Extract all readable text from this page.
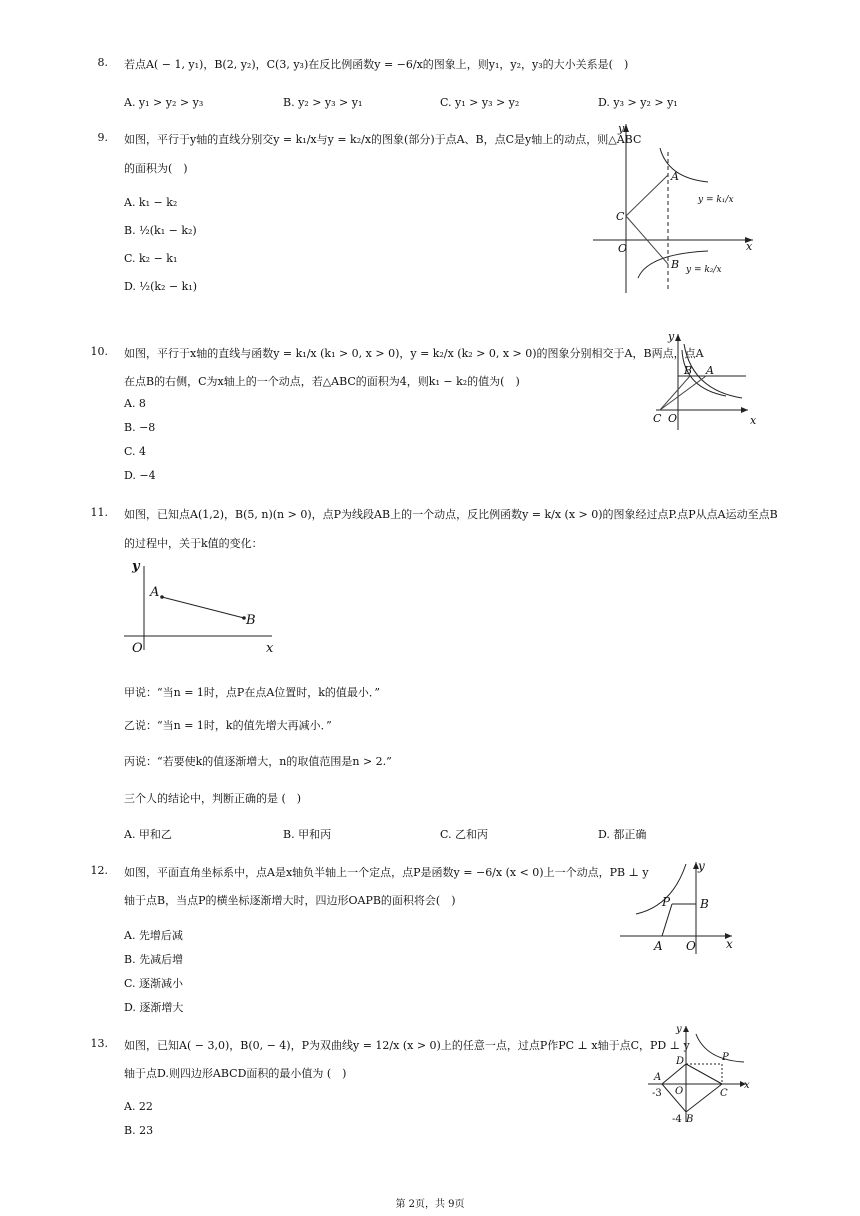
8. 若点A( − 1, y₁)，B(2, y₂)，C(3, y₃)在反比例函数y = −6/x的图象上，则y₁，y₂，y₃的大小关系是(　)
A. y₁ > y₂ > y₃	B. y₂ > y₃ > y₁	C. y₁ > y₃ > y₂	D. y₃ > y₂ > y₁
9. 如图，平行于y轴的直线分别交y = k₁/x与y = k₂/x的图象(部分)于点A、B，点C是y轴上的动点，则△ABC
的面积为(　)
A. k₁ − k₂
B. ½(k₁ − k₂)
C. k₂ − k₁
D. ½(k₂ − k₁)
y
x
O
A
B
C
y = k₁/x
y = k₂/x
10. 如图，平行于x轴的直线与函数y = k₁/x (k₁ > 0, x > 0)，y = k₂/x (k₂ > 0, x > 0)的图象分别相交于A，B两点，点A
在点B的右侧，C为x轴上的一个动点，若△ABC的面积为4，则k₁ − k₂的值为(　)
A. 8
B. −8
C. 4
D. −4
y
x
O
A
B
C
11. 如图，已知点A(1,2)，B(5, n)(n > 0)，点P为线段AB上的一个动点，反比例函数y = k/x (x > 0)的图象经过点P.点P从点A运动至点B
的过程中，关于k值的变化：
y
x
O
A
B
甲说：“当n = 1时，点P在点A位置时，k的值最小．”
乙说：“当n = 1时，k的值先增大再减小．”
丙说：“若要使k的值逐渐增大，n的取值范围是n > 2.”
三个人的结论中，判断正确的是 (　)
A. 甲和乙	B. 甲和丙	C. 乙和丙	D. 都正确
12. 如图，平面直角坐标系中，点A是x轴负半轴上一个定点，点P是函数y = −6/x (x < 0)上一个动点，PB ⊥ y
轴于点B，当点P的横坐标逐渐增大时，四边形OAPB的面积将会(　)
A. 先增后减
B. 先减后增
C. 逐渐减小
D. 逐渐增大
y
x
O
A
B
P
13. 如图，已知A( − 3,0)，B(0, − 4)，P为双曲线y = 12/x (x > 0)上的任意一点，过点P作PC ⊥ x轴于点C，PD ⊥ y
轴于点D.则四边形ABCD面积的最小值为 (　)
A. 22
B. 23
y
x
O
A
B
C
D	P
-3
-4
第 2页，共 9页
